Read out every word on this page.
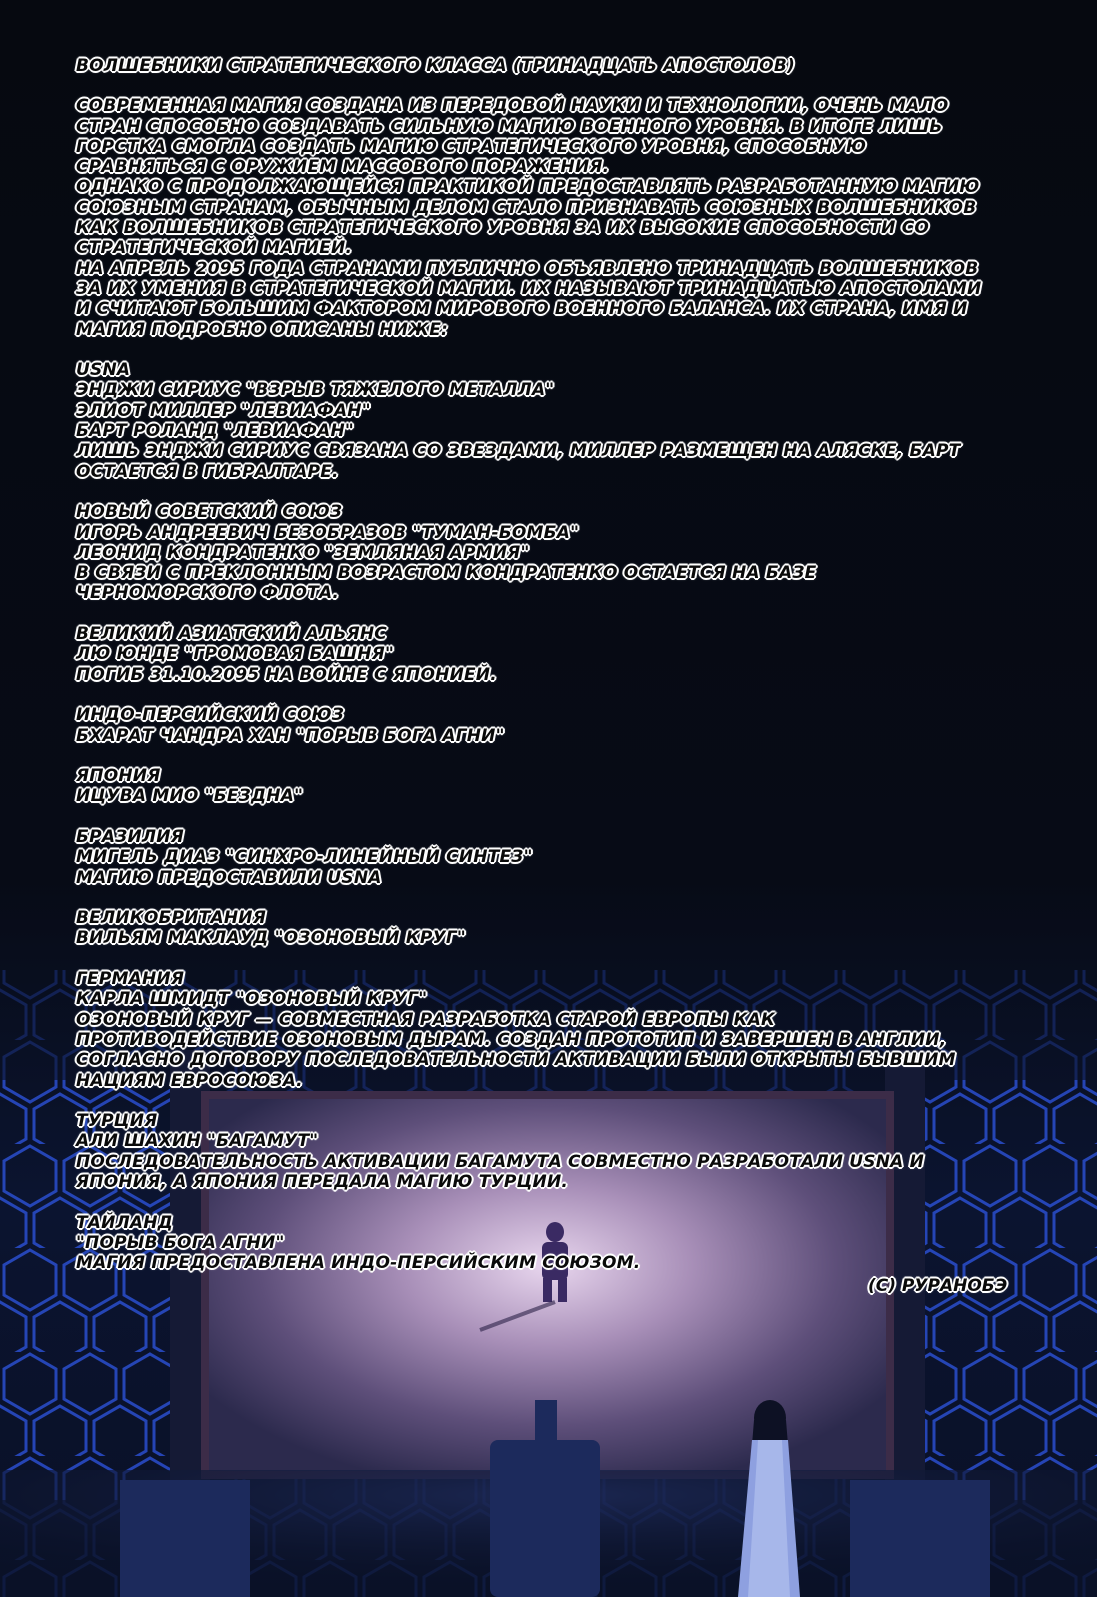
ВОЛШЕБНИКИ СТРАТЕГИЧЕСКОГО КЛАССА (ТРИНАДЦАТЬ АПОСТОЛОВ)

СОВРЕМЕННАЯ МАГИЯ СОЗДАНА ИЗ ПЕРЕДОВОЙ НАУКИ И ТЕХНОЛОГИИ, ОЧЕНЬ МАЛО

СТРАН СПОСОБНО СОЗДАВАТЬ СИЛЬНУЮ МАГИЮ ВОЕННОГО УРОВНЯ. В ИТОГЕ ЛИШЬ

ГОРСТКА СМОГЛА СОЗДАТЬ МАГИЮ СТРАТЕГИЧЕСКОГО УРОВНЯ, СПОСОБНУЮ

СРАВНЯТЬСЯ С ОРУЖИЕМ МАССОВОГО ПОРАЖЕНИЯ.

ОДНАКО С ПРОДОЛЖАЮЩЕЙСЯ ПРАКТИКОЙ ПРЕДОСТАВЛЯТЬ РАЗРАБОТАННУЮ МАГИЮ

СОЮЗНЫМ СТРАНАМ, ОБЫЧНЫМ ДЕЛОМ СТАЛО ПРИЗНАВАТЬ СОЮЗНЫХ ВОЛШЕБНИКОВ

КАК ВОЛШЕБНИКОВ СТРАТЕГИЧЕСКОГО УРОВНЯ ЗА ИХ ВЫСОКИЕ СПОСОБНОСТИ СО

СТРАТЕГИЧЕСКОЙ МАГИЕЙ.

НА АПРЕЛЬ 2095 ГОДА СТРАНАМИ ПУБЛИЧНО ОБЪЯВЛЕНО ТРИНАДЦАТЬ ВОЛШЕБНИКОВ

ЗА ИХ УМЕНИЯ В СТРАТЕГИЧЕСКОЙ МАГИИ. ИХ НАЗЫВАЮТ ТРИНАДЦАТЬЮ АПОСТОЛАМИ

И СЧИТАЮТ БОЛЬШИМ ФАКТОРОМ МИРОВОГО ВОЕННОГО БАЛАНСА. ИХ СТРАНА, ИМЯ И

МАГИЯ ПОДРОБНО ОПИСАНЫ НИЖЕ:

USNA

ЭНДЖИ СИРИУС "ВЗРЫВ ТЯЖЕЛОГО МЕТАЛЛА"

ЭЛИОТ МИЛЛЕР "ЛЕВИАФАН"

БАРТ РОЛАНД "ЛЕВИАФАН"

ЛИШЬ ЭНДЖИ СИРИУС СВЯЗАНА СО ЗВЕЗДАМИ, МИЛЛЕР РАЗМЕЩЕН НА АЛЯСКЕ, БАРТ

ОСТАЕТСЯ В ГИБРАЛТАРЕ.

НОВЫЙ СОВЕТСКИЙ СОЮЗ

ИГОРЬ АНДРЕЕВИЧ БЕЗОБРАЗОВ "ТУМАН-БОМБА"

ЛЕОНИД КОНДРАТЕНКО "ЗЕМЛЯНАЯ АРМИЯ"

В СВЯЗИ С ПРЕКЛОННЫМ ВОЗРАСТОМ КОНДРАТЕНКО ОСТАЕТСЯ НА БАЗЕ

ЧЕРНОМОРСКОГО ФЛОТА.

ВЕЛИКИЙ АЗИАТСКИЙ АЛЬЯНС

ЛЮ ЮНДЕ "ГРОМОВАЯ БАШНЯ"

ПОГИБ 31.10.2095 НА ВОЙНЕ С ЯПОНИЕЙ.

ИНДО-ПЕРСИЙСКИЙ СОЮЗ

БХАРАТ ЧАНДРА ХАН "ПОРЫВ БОГА АГНИ"

ЯПОНИЯ

ИЦУВА МИО "БЕЗДНА"

БРАЗИЛИЯ

МИГЕЛЬ ДИАЗ "СИНХРО-ЛИНЕЙНЫЙ СИНТЕЗ"

МАГИЮ ПРЕДОСТАВИЛИ USNA

ВЕЛИКОБРИТАНИЯ

ВИЛЬЯМ МАКЛАУД "ОЗОНОВЫЙ КРУГ"

ГЕРМАНИЯ

КАРЛА ШМИДТ "ОЗОНОВЫЙ КРУГ"

ОЗОНОВЫЙ КРУГ — СОВМЕСТНАЯ РАЗРАБОТКА СТАРОЙ ЕВРОПЫ КАК

ПРОТИВОДЕЙСТВИЕ ОЗОНОВЫМ ДЫРАМ. СОЗДАН ПРОТОТИП И ЗАВЕРШЕН В АНГЛИИ,

СОГЛАСНО ДОГОВОРУ ПОСЛЕДОВАТЕЛЬНОСТИ АКТИВАЦИИ БЫЛИ ОТКРЫТЫ БЫВШИМ

НАЦИЯМ ЕВРОСОЮЗА.

ТУРЦИЯ

АЛИ ШАХИН "БАГАМУТ"

ПОСЛЕДОВАТЕЛЬНОСТЬ АКТИВАЦИИ БАГАМУТА СОВМЕСТНО РАЗРАБОТАЛИ USNA И

ЯПОНИЯ, А ЯПОНИЯ ПЕРЕДАЛА МАГИЮ ТУРЦИИ.

ТАЙЛАНД

"ПОРЫВ БОГА АГНИ"

МАГИЯ ПРЕДОСТАВЛЕНА ИНДО-ПЕРСИЙСКИМ СОЮЗОМ.

(C) РУРАНОБЭ
